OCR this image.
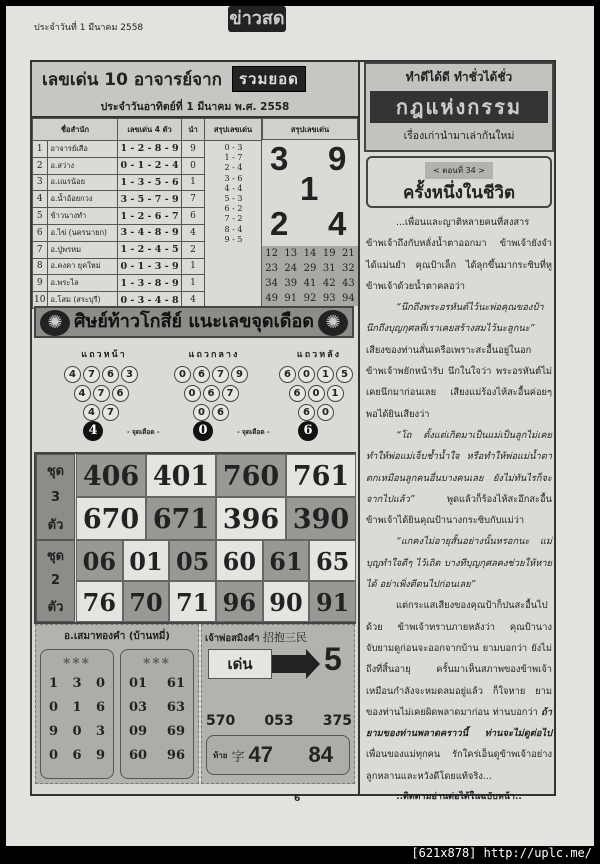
ประจำวันที่ 1 มีนาคม 2558	ข่าวสด
เลขเด่น 10 อาจารย์จาก	รวมยอด
ประจำวันอาทิตย์ที่ 1 มีนาคม พ.ศ. 2558
ชื่อสำนัก		เลขเด่น 4 ตัว	นำ	สรุปเลขเด่น
1	อาจารย์เสือ	1 - 2 - 8 - 9	9	
2	อ.สว่าง	0 - 1 - 2 - 4	0	
3	อ.เณรน้อย	1 - 3 - 5 - 6	1	
4	อ.น้ำอ้อยกวง	3 - 5 - 7 - 9	7	
5	ข้าวนางทำ	1 - 2 - 6 - 7	6	
6	อ.ไข่ (นครนายก)	3 - 4 - 8 - 9	4	
7	อ.ปู่พรหม	1 - 2 - 4 - 5	2	
8	อ.คงคา ยุคใหม่	0 - 1 - 3 - 9	1	
9	อ.พระไล	1 - 3 - 8 - 9	1	
10	อ.โสม (สระบุรี)	0 - 3 - 4 - 8	4	
สรุปเลขเด่น
0 - 3
1 - 7
2 - 4
3 - 6
4 - 4
5 - 3
6 - 2
7 - 2
8 - 4
9 - 5
3 9
1
2 4
12 13 14 19 21
23 24 29 31 32
34 39 41 42 43
49 91 92 93 94
✺ ศิษย์ท้าวโกสีย์ แนะเลขจุดเดือด ✺
แถวหน้า
4	7	6	3
4	7	6
4	7
4	- จุดเดือด -
แถวกลาง
0	6	7	9
0	6	7
0	6
0	- จุดเดือด -
แถวหลัง
6	0	1	5
6	0	1
6	0
6
ชุด
3
ตัว
ชุด
2
ตัว
406 401 760 761
670 671 396 390
06 01 05 60 61 65
76 70 71 96 90 91
อ.เสมาทองคำ (บ้านหมี่)
***
1 3 0
0 1 6
9 0 3
0 6 9
***
01 61
03 63
09 69
60 96
เจ้าพ่อสมิงคำ 招抱三民
เด่น	5
570 053 375
ท้าย 字 47	84
ทำดีได้ดี ทำชั่วได้ชั่ว
กฎแห่งกรรม
เรื่องเก่านำมาเล่ากันใหม่
< ตอนที่ 34 >
ครั้งหนึ่งในชีวิต

...เพื่อนและญาติหลายคนที่สงสารข้าพเจ้าถึงกับหลั่งน้ำตาออกมา ข้าพเจ้ายังจำได้แม่นยำ คุณป้าเล็ก ได้ลุกขึ้นมากระซิบที่หูข้าพเจ้าด้วยน้ำตาคลอว่า

“นึกถึงพระอรหันต์ไว้นะพ่อคุณของป้า นึกถึงบุญกุศลที่เราเคยสร้างสมไว้นะลูกนะ” เสียงของท่านสั่นเครือเพราะสะอื้นอยู่ในอก ข้าพเจ้าพยักหน้ารับ นึกในใจว่า พระอรหันต์ไม่เคยนึกมาก่อนเลย เสียงแม่ร้องไห้สะอื้นค่อยๆ พอได้ยินเสียงว่า

“โถ ตั้งแต่เกิดมาเป็นแม่เป็นลูกไม่เคยทำให้พ่อแม่เจ็บช้ำน้ำใจ หรือทำให้พ่อแม่น้ำตาตกเหมือนลูกคนอื่นบางคนเลย ยังไม่ทันไรก็จะจากไปแล้ว” พูดแล้วก็ร้องไห้สะอึกสะอื้น ข้าพเจ้าได้ยินคุณป้านางกระซิบกับแม่ว่า

“แกคงไม่อายุสั้นอย่างนั้นหรอกนะ แม่บุญทำใจดีๆ ไว้เถิด บางทีบุญกุศลคงช่วยให้หายได้ อย่าเพิ่งตีตนไปก่อนเลย”

แต่กระแสเสียงของคุณป้าก็ปนสะอื้นไปด้วย ข้าพเจ้าทราบภายหลังว่า คุณป้านางจับยามดูก่อนจะออกจากบ้าน ยามบอกว่า ยังไม่ถึงที่สิ้นอายุ ครั้นมาเห็นสภาพของข้าพเจ้าเหมือนกำลังจะหมดลมอยู่แล้ว ก็ใจหาย ยามของท่านไม่เคยผิดพลาดมาก่อน ท่านบอกว่า ถ้ายามของท่านพลาดคราวนี้ ท่านจะไม่ดูต่อไป เพื่อนของแม่ทุกคน รักใคร่เอ็นดูข้าพเจ้าอย่างลูกหลานและหวังดีโดยแท้จริง...

..ติดตามอ่านต่อได้ในฉบับหน้า..

6
[621x878] http://uplc.me/
